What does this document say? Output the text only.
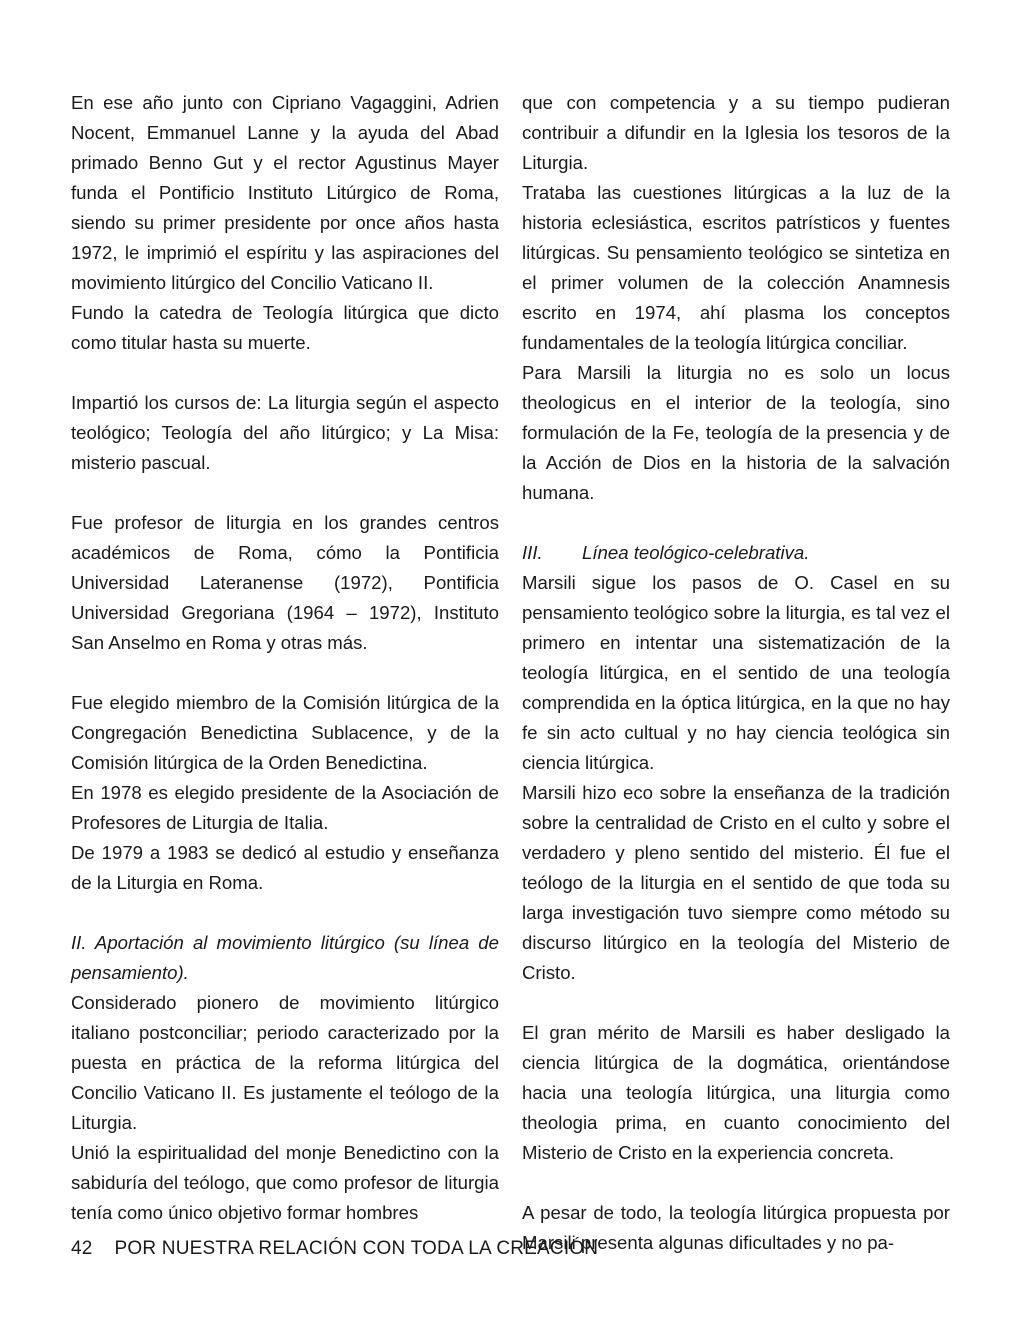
En ese año junto con Cipriano Vagaggini, Adrien Nocent, Emmanuel Lanne y la ayuda del Abad primado Benno Gut y el rector Agustinus Mayer funda el Pontificio Instituto Litúrgico de Roma, siendo su primer presidente por once años hasta 1972, le imprimió el espíritu y las aspiraciones del movimiento litúrgico del Concilio Vaticano II.

Fundo la catedra de Teología litúrgica que dicto como titular hasta su muerte.

Impartió los cursos de: La liturgia según el aspecto teológico; Teología del año litúrgico; y La Misa: misterio pascual.

Fue profesor de liturgia en los grandes centros académicos de Roma, cómo la Pontificia Universidad Lateranense (1972), Pontificia Universidad Gregoriana (1964 – 1972), Instituto San Anselmo en Roma y otras más.

Fue elegido miembro de la Comisión litúrgica de la Congregación Benedictina Sublacence, y de la Comisión litúrgica de la Orden Benedictina.

En 1978 es elegido presidente de la Asociación de Profesores de Liturgia de Italia.

De 1979 a 1983 se dedicó al estudio y enseñanza de la Liturgia en Roma.

II. Aportación al movimiento litúrgico (su línea de pensamiento).

Considerado pionero de movimiento litúrgico italiano postconciliar; periodo caracterizado por la puesta en práctica de la reforma litúrgica del Concilio Vaticano II. Es justamente el teólogo de la Liturgia.

Unió la espiritualidad del monje Benedictino con la sabiduría del teólogo, que como profesor de liturgia tenía como único objetivo formar hombres

que con competencia y a su tiempo pudieran contribuir a difundir en la Iglesia los tesoros de la Liturgia.

Trataba las cuestiones litúrgicas a la luz de la historia eclesiástica, escritos patrísticos y fuentes litúrgicas. Su pensamiento teológico se sintetiza en el primer volumen de la colección Anamnesis escrito en 1974, ahí plasma los conceptos fundamentales de la teología litúrgica conciliar.

Para Marsili la liturgia no es solo un locus theologicus en el interior de la teología, sino formulación de la Fe, teología de la presencia y de la Acción de Dios en la historia de la salvación humana.

III. Línea teológico-celebrativa.

Marsili sigue los pasos de O. Casel en su pensamiento teológico sobre la liturgia, es tal vez el primero en intentar una sistematización de la teología litúrgica, en el sentido de una teología comprendida en la óptica litúrgica, en la que no hay fe sin acto cultual y no hay ciencia teológica sin ciencia litúrgica.

Marsili hizo eco sobre la enseñanza de la tradición sobre la centralidad de Cristo en el culto y sobre el verdadero y pleno sentido del misterio. Él fue el teólogo de la liturgia en el sentido de que toda su larga investigación tuvo siempre como método su discurso litúrgico en la teología del Misterio de Cristo.

El gran mérito de Marsili es haber desligado la ciencia litúrgica de la dogmática, orientándose hacia una teología litúrgica, una liturgia como theologia prima, en cuanto conocimiento del Misterio de Cristo en la experiencia concreta.

A pesar de todo, la teología litúrgica propuesta por Marsili presenta algunas dificultades y no pa-

42 POR NUESTRA RELACIÓN CON TODA LA CREACIÓN
